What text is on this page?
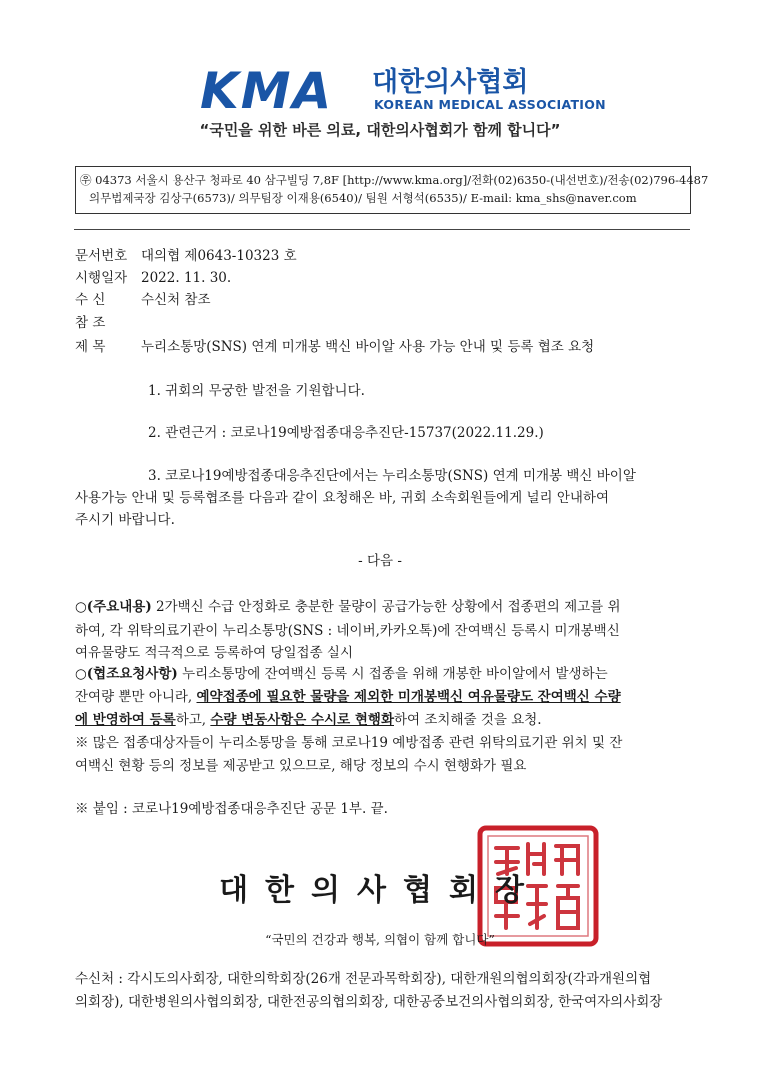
KMA 대한의사협회
KOREAN MEDICAL ASSOCIATION
“국민을 위한 바른 의료, 대한의사협회가 함께 합니다”
㉾ 04373 서울시 용산구 청파로 40 삼구빌딩 7,8F [http://www.kma.org]/전화(02)6350-(내선번호)/전송(02)796-4487
의무법제국장 김상구(6573)/ 의무팀장 이재용(6540)/ 팀원 서형석(6535)/ E-mail: kma_shs@naver.com
문서번호 대의협 제0643-10323 호
시행일자 2022. 11. 30.
수 신	수신처 참조
참 조
제 목	누리소통망(SNS) 연계 미개봉 백신 바이알 사용 가능 안내 및 등록 협조 요청
1. 귀회의 무궁한 발전을 기원합니다.
2. 관련근거 : 코로나19예방접종대응추진단-15737(2022.11.29.)
3. 코로나19예방접종대응추진단에서는 누리소통망(SNS) 연계 미개봉 백신 바이알
사용가능 안내 및 등록협조를 다음과 같이 요청해온 바, 귀회 소속회원들에게 널리 안내하여
주시기 바랍니다.
- 다음 -
○(주요내용) 2가백신 수급 안정화로 충분한 물량이 공급가능한 상황에서 접종편의 제고를 위
하여, 각 위탁의료기관이 누리소통망(SNS : 네이버,카카오톡)에 잔여백신 등록시 미개봉백신
여유물량도 적극적으로 등록하여 당일접종 실시
○(협조요청사항) 누리소통망에 잔여백신 등록 시 접종을 위해 개봉한 바이알에서 발생하는
잔여량 뿐만 아니라, 예약접종에 필요한 물량을 제외한 미개봉백신 여유물량도 잔여백신 수량
에 반영하여 등록하고, 수량 변동사항은 수시로 현행화하여 조치해줄 것을 요청.
※ 많은 접종대상자들이 누리소통망을 통해 코로나19 예방접종 관련 위탁의료기관 위치 및 잔
여백신 현황 등의 정보를 제공받고 있으므로, 해당 정보의 수시 현행화가 필요
※ 붙임 : 코로나19예방접종대응추진단 공문 1부. 끝.
대한의사협회장
“국민의 건강과 행복, 의협이 함께 합니다”
수신처 : 각시도의사회장, 대한의학회장(26개 전문과목학회장), 대한개원의협의회장(각과개원의협
의회장), 대한병원의사협의회장, 대한전공의협의회장, 대한공중보건의사협의회장, 한국여자의사회장
